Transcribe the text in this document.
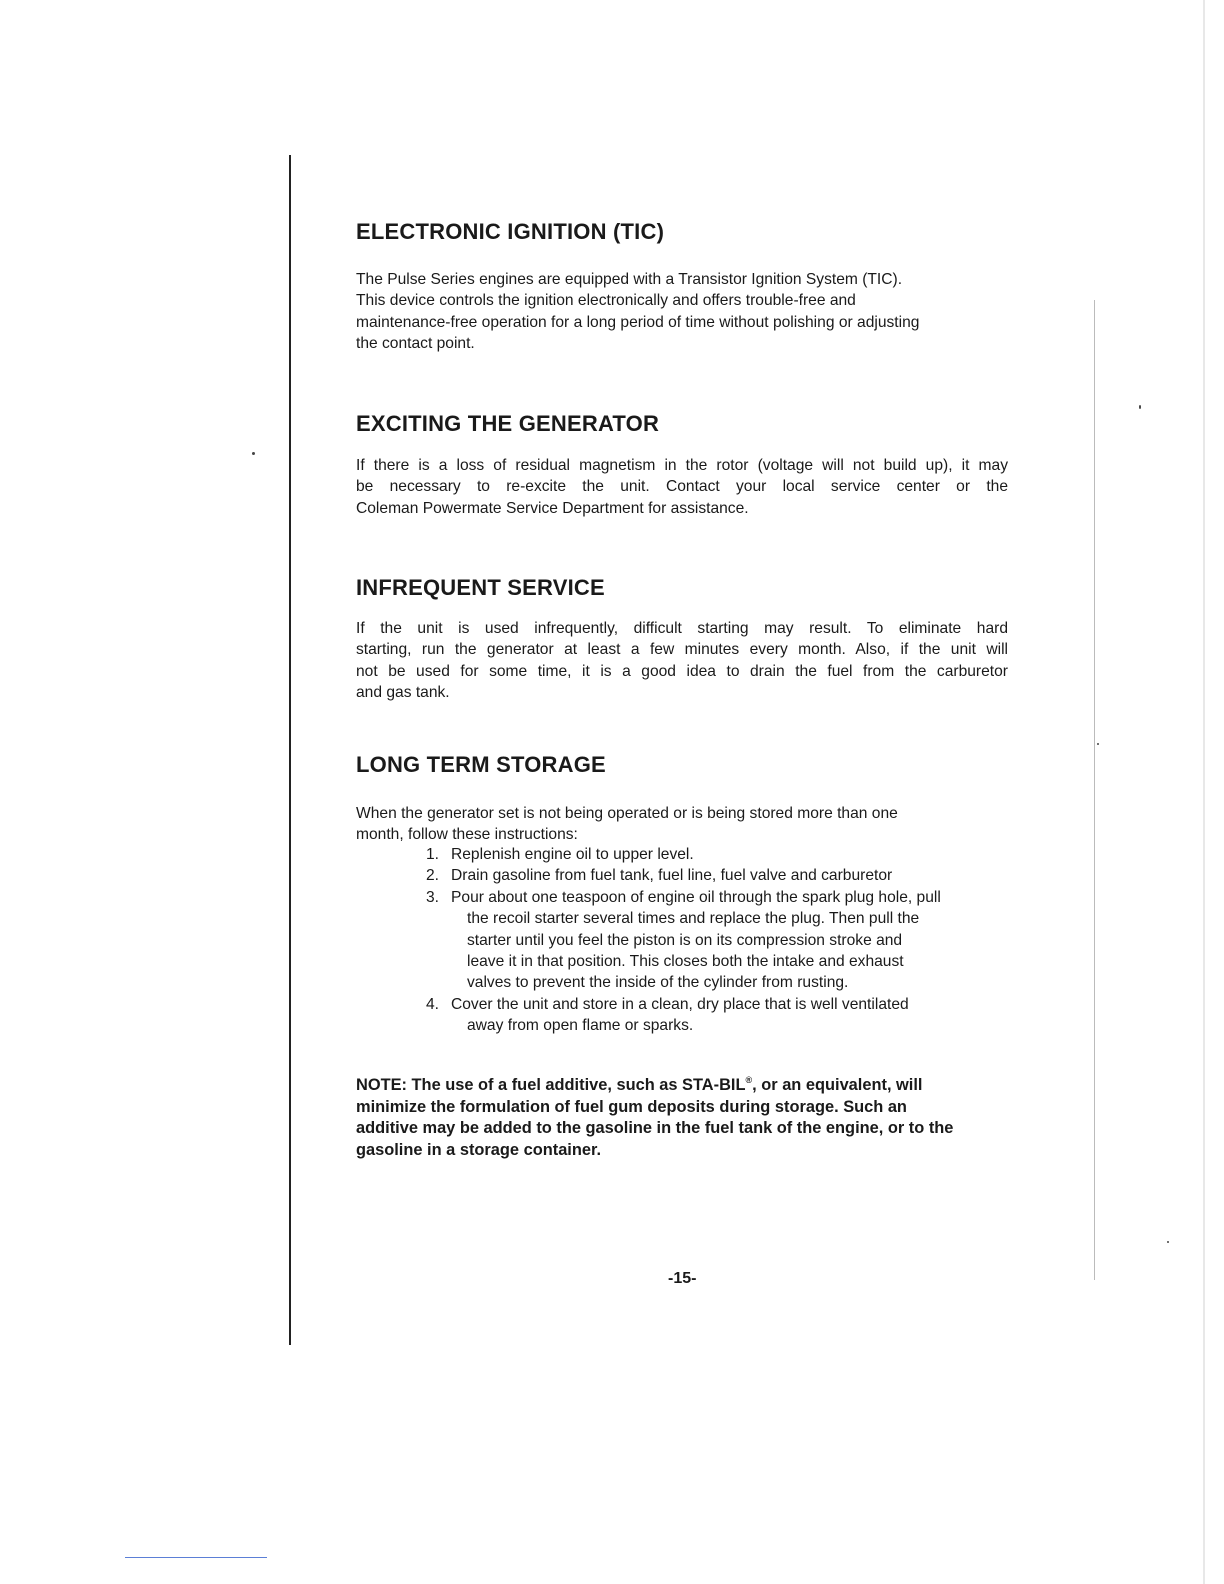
ELECTRONIC IGNITION (TIC)
The Pulse Series engines are equipped with a Transistor Ignition System (TIC).
This device controls the ignition electronically and offers trouble-free and
maintenance-free operation for a long period of time without polishing or adjusting
the contact point.
EXCITING THE GENERATOR
If there is a loss of residual magnetism in the rotor (voltage will not build up), it may
be necessary to re-excite the unit. Contact your local service center or the
Coleman Powermate Service Department for assistance.
INFREQUENT SERVICE
If the unit is used infrequently, difficult starting may result. To eliminate hard
starting, run the generator at least a few minutes every month. Also, if the unit will
not be used for some time, it is a good idea to drain the fuel from the carburetor
and gas tank.
LONG TERM STORAGE
When the generator set is not being operated or is being stored more than one
month, follow these instructions:
1. Replenish engine oil to upper level.
2. Drain gasoline from fuel tank, fuel line, fuel valve and carburetor
3. Pour about one teaspoon of engine oil through the spark plug hole, pull
the recoil starter several times and replace the plug. Then pull the
starter until you feel the piston is on its compression stroke and
leave it in that position. This closes both the intake and exhaust
valves to prevent the inside of the cylinder from rusting.
4. Cover the unit and store in a clean, dry place that is well ventilated
away from open flame or sparks.
NOTE: The use of a fuel additive, such as STA-BIL®, or an equivalent, will
minimize the formulation of fuel gum deposits during storage. Such an
additive may be added to the gasoline in the fuel tank of the engine, or to the
gasoline in a storage container.
-15-
